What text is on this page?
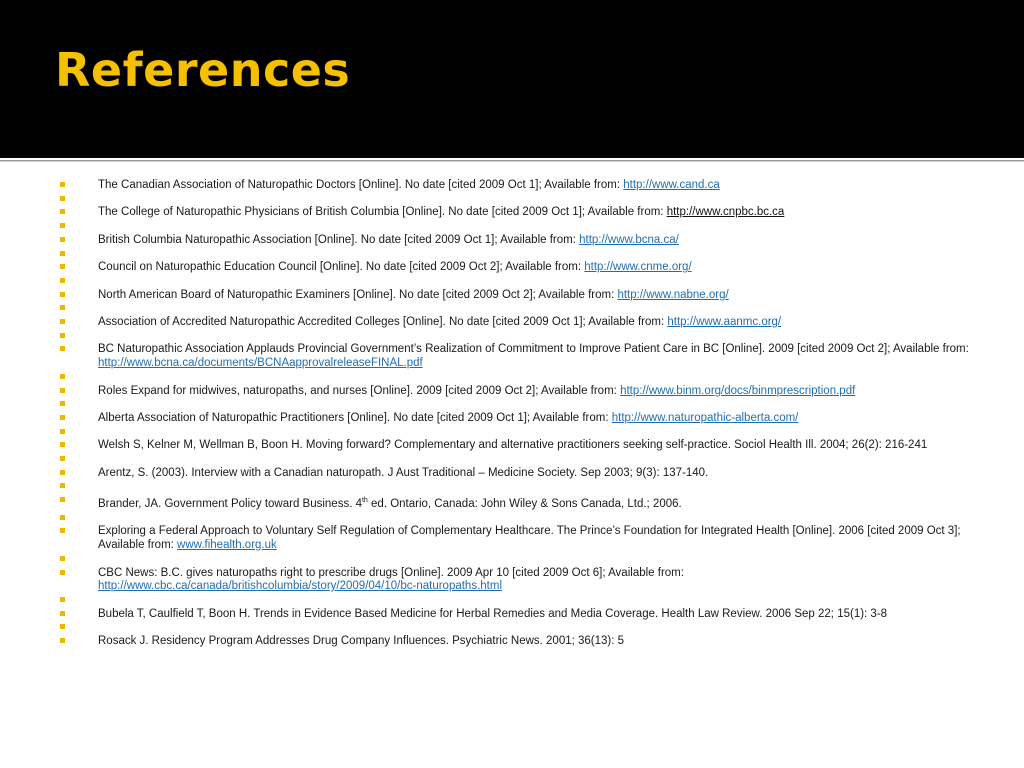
References
The Canadian Association of Naturopathic Doctors [Online]. No date [cited 2009 Oct 1]; Available from: http://www.cand.ca

The College of Naturopathic Physicians of British Columbia [Online]. No date [cited 2009 Oct 1]; Available from: http://www.cnpbc.bc.ca

British Columbia Naturopathic Association [Online]. No date [cited 2009 Oct 1]; Available from: http://www.bcna.ca/

Council on Naturopathic Education Council [Online]. No date [cited 2009 Oct 2]; Available from: http://www.cnme.org/

North American Board of Naturopathic Examiners [Online]. No date [cited 2009 Oct 2]; Available from: http://www.nabne.org/

Association of Accredited Naturopathic Accredited Colleges [Online]. No date [cited 2009 Oct 1]; Available from: http://www.aanmc.org/

BC Naturopathic Association Applauds Provincial Government’s Realization of Commitment to Improve Patient Care in BC [Online]. 2009 [cited 2009 Oct 2]; Available from: http://www.bcna.ca/documents/BCNAapprovalreleaseFINAL.pdf

Roles Expand for midwives, naturopaths, and nurses [Online]. 2009 [cited 2009 Oct 2]; Available from: http://www.binm.org/docs/binmprescription.pdf

Alberta Association of Naturopathic Practitioners [Online]. No date [cited 2009 Oct 1]; Available from: http://www.naturopathic-alberta.com/

Welsh S, Kelner M, Wellman B, Boon H. Moving forward? Complementary and alternative practitioners seeking self-practice. Sociol Health Ill. 2004; 26(2): 216-241

Arentz, S. (2003). Interview with a Canadian naturopath. J Aust Traditional – Medicine Society. Sep 2003; 9(3): 137-140.

Brander, JA. Government Policy toward Business. 4th ed. Ontario, Canada: John Wiley & Sons Canada, Ltd.; 2006.

Exploring a Federal Approach to Voluntary Self Regulation of Complementary Healthcare. The Prince’s Foundation for Integrated Health [Online]. 2006 [cited 2009 Oct 3]; Available from: www.fihealth.org.uk

CBC News: B.C. gives naturopaths right to prescribe drugs [Online]. 2009 Apr 10 [cited 2009 Oct 6]; Available from: http://www.cbc.ca/canada/britishcolumbia/story/2009/04/10/bc-naturopaths.html

Bubela T, Caulfield T, Boon H. Trends in Evidence Based Medicine for Herbal Remedies and Media Coverage. Health Law Review. 2006 Sep 22; 15(1): 3-8

Rosack J. Residency Program Addresses Drug Company Influences. Psychiatric News. 2001; 36(13): 5
